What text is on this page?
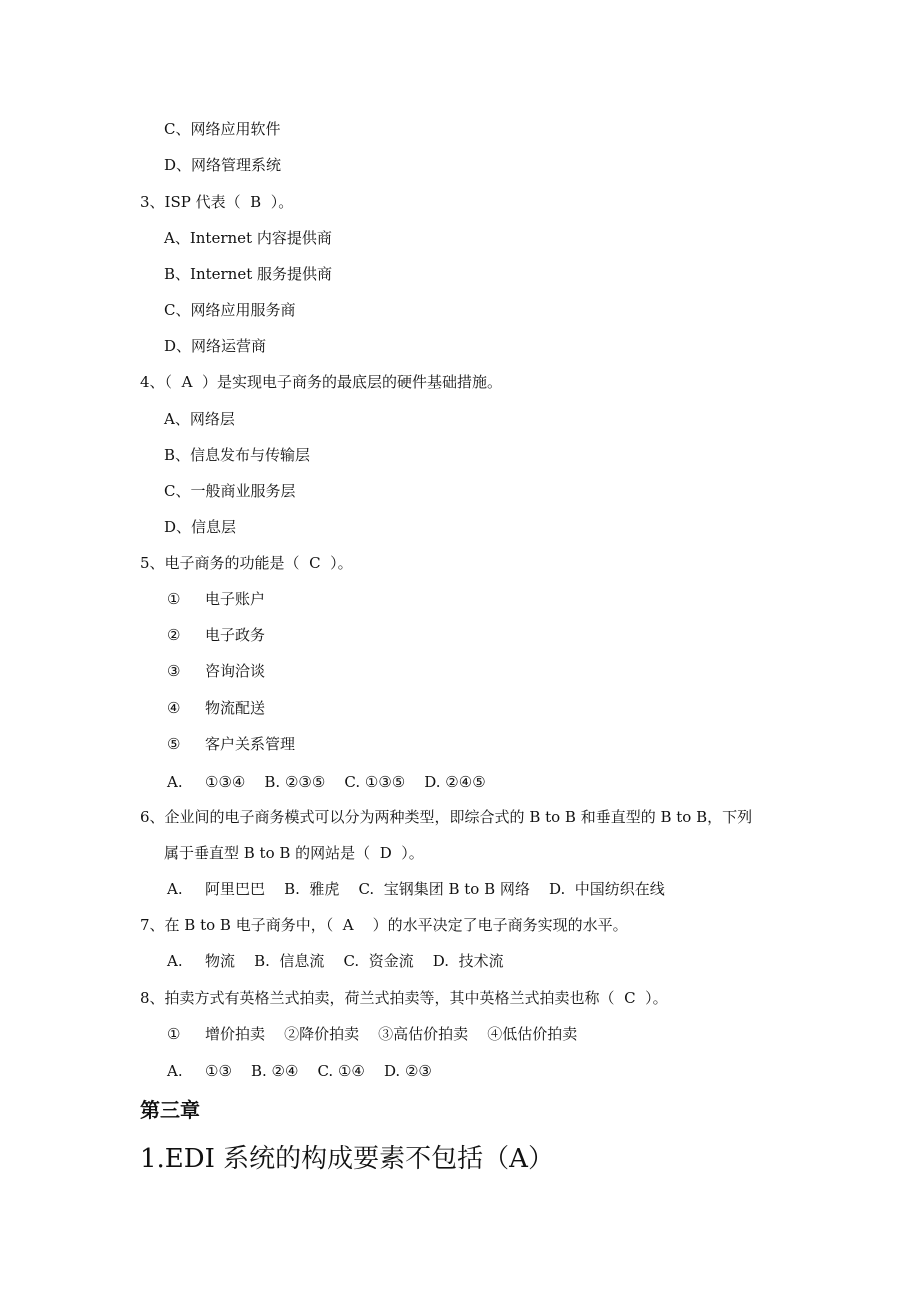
C、网络应用软件
D、网络管理系统
3、ISP 代表（  B  ）。
A、Internet 内容提供商
B、Internet 服务提供商
C、网络应用服务商
D、网络运营商
4、（  A  ）是实现电子商务的最底层的硬件基础措施。
A、网络层
B、信息发布与传输层
C、一般商业服务层
D、信息层
5、电子商务的功能是（  C  ）。
① 电子账户
② 电子政务
③ 咨询洽谈
④ 物流配送
⑤ 客户关系管理
A. ①③④    B. ②③⑤    C. ①③⑤    D. ②④⑤
6、企业间的电子商务模式可以分为两种类型，即综合式的 B to B 和垂直型的 B to B，下列
属于垂直型 B to B 的网站是（  D  ）。
A. 阿里巴巴    B.  雅虎    C.  宝钢集团 B to B 网络    D.  中国纺织在线
7、在 B to B 电子商务中，（  A    ）的水平决定了电子商务实现的水平。
A. 物流    B.  信息流    C.  资金流    D.  技术流
8、拍卖方式有英格兰式拍卖，荷兰式拍卖等，其中英格兰式拍卖也称（  C  ）。
① 增价拍卖    ②降价拍卖    ③高估价拍卖    ④低估价拍卖
A. ①③    B. ②④    C. ①④    D. ②③
第三章
1.EDI 系统的构成要素不包括（A）
